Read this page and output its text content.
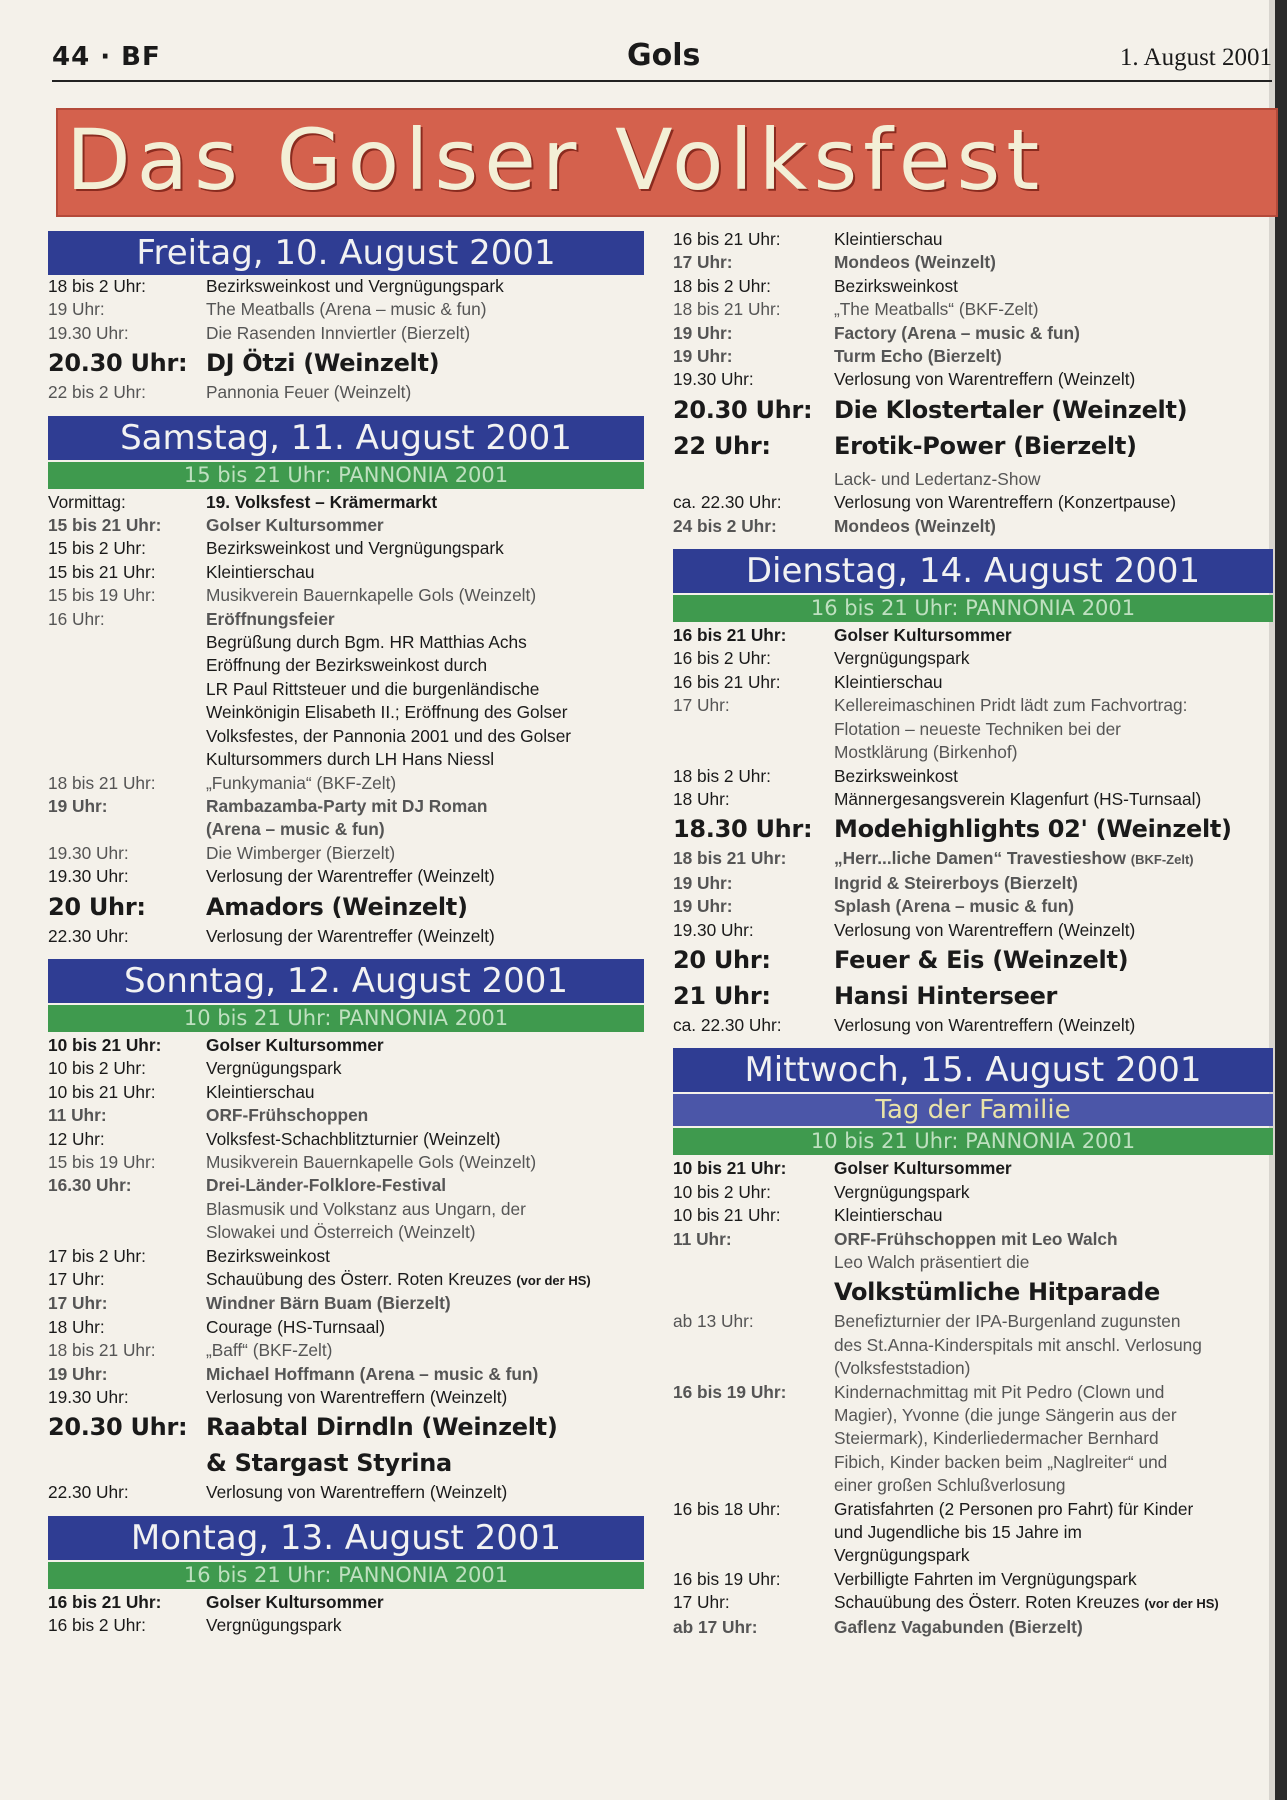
44 · BF	Gols	1. August 2001
Das Golser Volksfest
Freitag, 10. August 2001
18 bis 2 Uhr:	Bezirksweinkost und Vergnügungspark
19 Uhr:	The Meatballs (Arena – music & fun)
19.30 Uhr:	Die Rasenden Innviertler (Bierzelt)
20.30 Uhr: DJ Ötzi (Weinzelt)
22 bis 2 Uhr:	Pannonia Feuer (Weinzelt)
Samstag, 11. August 2001
15 bis 21 Uhr: PANNONIA 2001
Vormittag:	19. Volksfest – Krämermarkt
15 bis 21 Uhr:	Golser Kultursommer
15 bis 2 Uhr:	Bezirksweinkost und Vergnügungspark
15 bis 21 Uhr:	Kleintierschau
15 bis 19 Uhr:	Musikverein Bauernkapelle Gols (Weinzelt)
16 Uhr:	Eröffnungsfeier
Begrüßung durch Bgm. HR Matthias Achs
Eröffnung der Bezirksweinkost durch
LR Paul Rittsteuer und die burgenländische
Weinkönigin Elisabeth II.; Eröffnung des Golser
Volksfestes, der Pannonia 2001 und des Golser
Kultursommers durch LH Hans Niessl
18 bis 21 Uhr:	„Funkymania“ (BKF-Zelt)
19 Uhr:	Rambazamba-Party mit DJ Roman
(Arena – music & fun)
19.30 Uhr:	Die Wimberger (Bierzelt)
19.30 Uhr:	Verlosung der Warentreffer (Weinzelt)
20 Uhr:	Amadors (Weinzelt)
22.30 Uhr:	Verlosung der Warentreffer (Weinzelt)
Sonntag, 12. August 2001
10 bis 21 Uhr: PANNONIA 2001
10 bis 21 Uhr:	Golser Kultursommer
10 bis 2 Uhr:	Vergnügungspark
10 bis 21 Uhr:	Kleintierschau
11 Uhr:	ORF-Frühschoppen
12 Uhr:	Volksfest-Schachblitzturnier (Weinzelt)
15 bis 19 Uhr:	Musikverein Bauernkapelle Gols (Weinzelt)
16.30 Uhr:	Drei-Länder-Folklore-Festival
Blasmusik und Volkstanz aus Ungarn, der
Slowakei und Österreich (Weinzelt)
17 bis 2 Uhr:	Bezirksweinkost
17 Uhr:	Schauübung des Österr. Roten Kreuzes (vor der HS)
17 Uhr:	Windner Bärn Buam (Bierzelt)
18 Uhr:	Courage (HS-Turnsaal)
18 bis 21 Uhr:	„Baff“ (BKF-Zelt)
19 Uhr:	Michael Hoffmann (Arena – music & fun)
19.30 Uhr:	Verlosung von Warentreffern (Weinzelt)
20.30 Uhr: Raabtal Dirndln (Weinzelt)
& Stargast Styrina
22.30 Uhr:	Verlosung von Warentreffern (Weinzelt)
Montag, 13. August 2001
16 bis 21 Uhr: PANNONIA 2001
16 bis 21 Uhr:	Golser Kultursommer
16 bis 2 Uhr:	Vergnügungspark
16 bis 21 Uhr:	Kleintierschau
17 Uhr:	Mondeos (Weinzelt)
18 bis 2 Uhr:	Bezirksweinkost
18 bis 21 Uhr:	„The Meatballs“ (BKF-Zelt)
19 Uhr:	Factory (Arena – music & fun)
19 Uhr:	Turm Echo (Bierzelt)
19.30 Uhr:	Verlosung von Warentreffern (Weinzelt)
20.30 Uhr: Die Klostertaler (Weinzelt)
22 Uhr:	Erotik-Power (Bierzelt)
Lack- und Ledertanz-Show
ca. 22.30 Uhr:	Verlosung von Warentreffern (Konzertpause)
24 bis 2 Uhr:	Mondeos (Weinzelt)
Dienstag, 14. August 2001
16 bis 21 Uhr: PANNONIA 2001
16 bis 21 Uhr:	Golser Kultursommer
16 bis 2 Uhr:	Vergnügungspark
16 bis 21 Uhr:	Kleintierschau
17 Uhr:	Kellereimaschinen Pridt lädt zum Fachvortrag:
Flotation – neueste Techniken bei der
Mostklärung (Birkenhof)
18 bis 2 Uhr:	Bezirksweinkost
18 Uhr:	Männergesangsverein Klagenfurt (HS-Turnsaal)
18.30 Uhr: Modehighlights 02' (Weinzelt)
18 bis 21 Uhr:	„Herr...liche Damen“ Travestieshow (BKF-Zelt)
19 Uhr:	Ingrid & Steirerboys (Bierzelt)
19 Uhr:	Splash (Arena – music & fun)
19.30 Uhr:	Verlosung von Warentreffern (Weinzelt)
20 Uhr:	Feuer & Eis (Weinzelt)
21 Uhr:	Hansi Hinterseer
ca. 22.30 Uhr:	Verlosung von Warentreffern (Weinzelt)
Mittwoch, 15. August 2001
Tag der Familie
10 bis 21 Uhr: PANNONIA 2001
10 bis 21 Uhr:	Golser Kultursommer
10 bis 2 Uhr:	Vergnügungspark
10 bis 21 Uhr:	Kleintierschau
11 Uhr:	ORF-Frühschoppen mit Leo Walch
Leo Walch präsentiert die
Volkstümliche Hitparade
ab 13 Uhr:	Benefizturnier der IPA-Burgenland zugunsten
des St.Anna-Kinderspitals mit anschl. Verlosung
(Volksfeststadion)
16 bis 19 Uhr:	Kindernachmittag mit Pit Pedro (Clown und
Magier), Yvonne (die junge Sängerin aus der
Steiermark), Kinderliedermacher Bernhard
Fibich, Kinder backen beim „Naglreiter“ und
einer großen Schlußverlosung
16 bis 18 Uhr:	Gratisfahrten (2 Personen pro Fahrt) für Kinder
und Jugendliche bis 15 Jahre im
Vergnügungspark
16 bis 19 Uhr:	Verbilligte Fahrten im Vergnügungspark
17 Uhr:	Schauübung des Österr. Roten Kreuzes (vor der HS)
ab 17 Uhr:	Gaflenz Vagabunden (Bierzelt)
